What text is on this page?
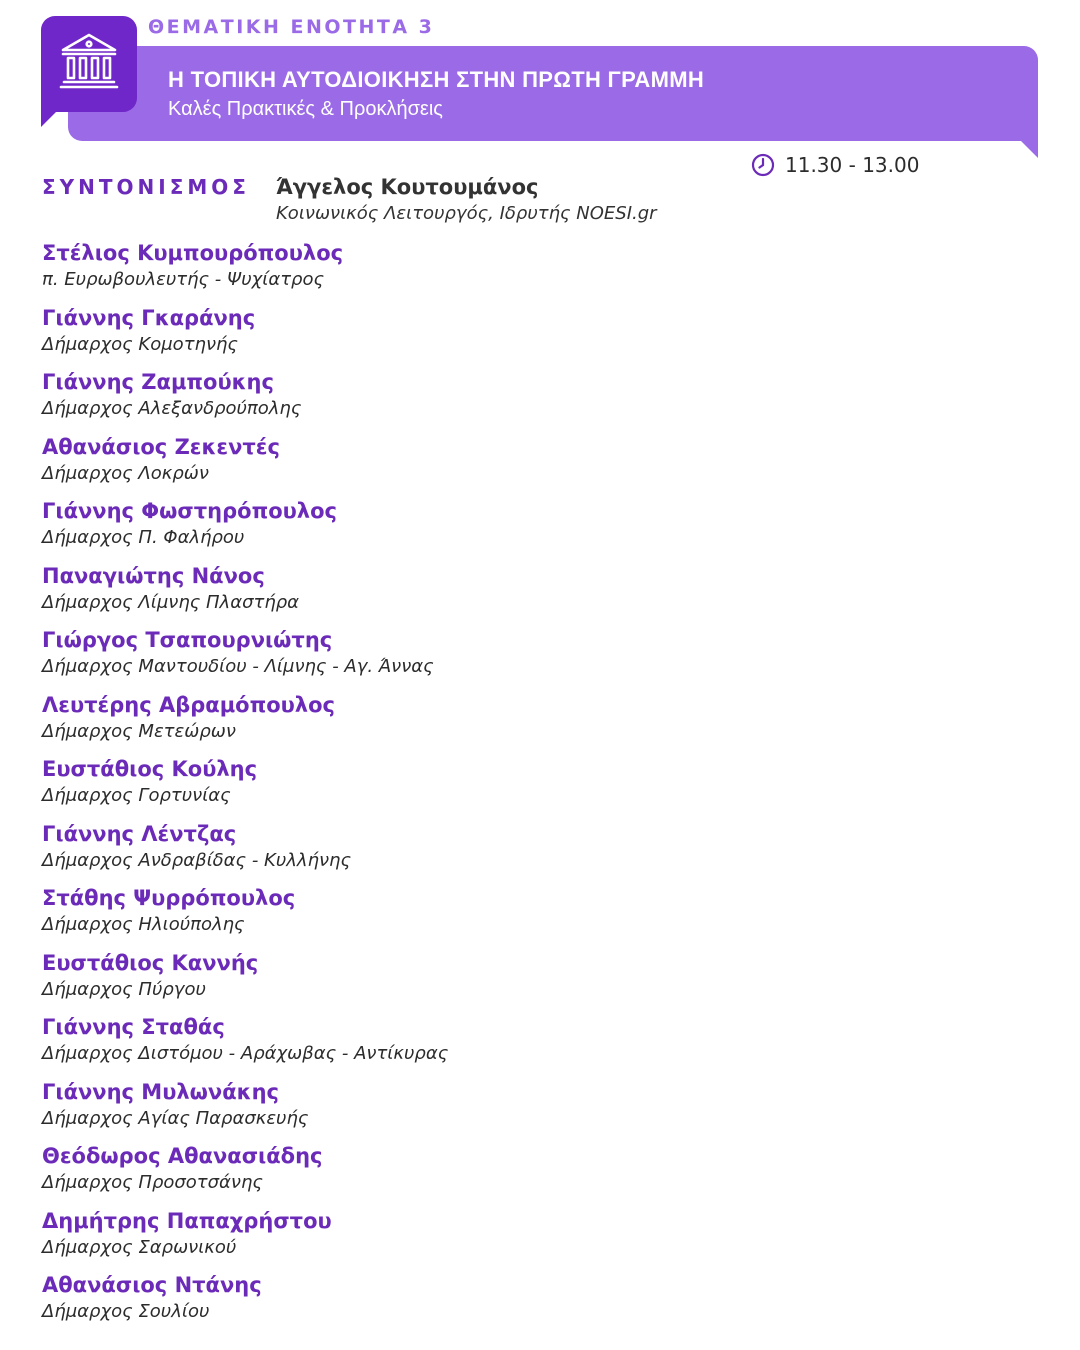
ΘΕΜΑΤΙΚΗ ΕΝΟΤΗΤΑ 3
Η ΤΟΠΙΚΗ ΑΥΤΟΔΙΟΙΚΗΣΗ ΣΤΗΝ ΠΡΩΤΗ ΓΡΑΜΜΗ
Καλές Πρακτικές & Προκλήσεις
11.30 - 13.00
ΣΥΝΤΟΝΙΣΜΟΣ Άγγελος Κουτουμάνος
Κοινωνικός Λειτουργός, Ιδρυτής NOESI.gr
Στέλιος Κυμπουρόπουλος
π. Ευρωβουλευτής - Ψυχίατρος
Γιάννης Γκαράνης
Δήμαρχος Κομοτηνής
Γιάννης Ζαμπούκης
Δήμαρχος Αλεξανδρούπολης
Αθανάσιος Ζεκεντές
Δήμαρχος Λοκρών
Γιάννης Φωστηρόπουλος
Δήμαρχος Π. Φαλήρου
Παναγιώτης Νάνος
Δήμαρχος Λίμνης Πλαστήρα
Γιώργος Τσαπουρνιώτης
Δήμαρχος Μαντουδίου - Λίμνης - Αγ. Άννας
Λευτέρης Αβραμόπουλος
Δήμαρχος Μετεώρων
Ευστάθιος Κούλης
Δήμαρχος Γορτυνίας
Γιάννης Λέντζας
Δήμαρχος Ανδραβίδας - Κυλλήνης
Στάθης Ψυρρόπουλος
Δήμαρχος Ηλιούπολης
Ευστάθιος Καννής
Δήμαρχος Πύργου
Γιάννης Σταθάς
Δήμαρχος Διστόμου - Αράχωβας - Αντίκυρας
Γιάννης Μυλωνάκης
Δήμαρχος Αγίας Παρασκευής
Θεόδωρος Αθανασιάδης
Δήμαρχος Προσοτσάνης
Δημήτρης Παπαχρήστου
Δήμαρχος Σαρωνικού
Αθανάσιος Ντάνης
Δήμαρχος Σουλίου
